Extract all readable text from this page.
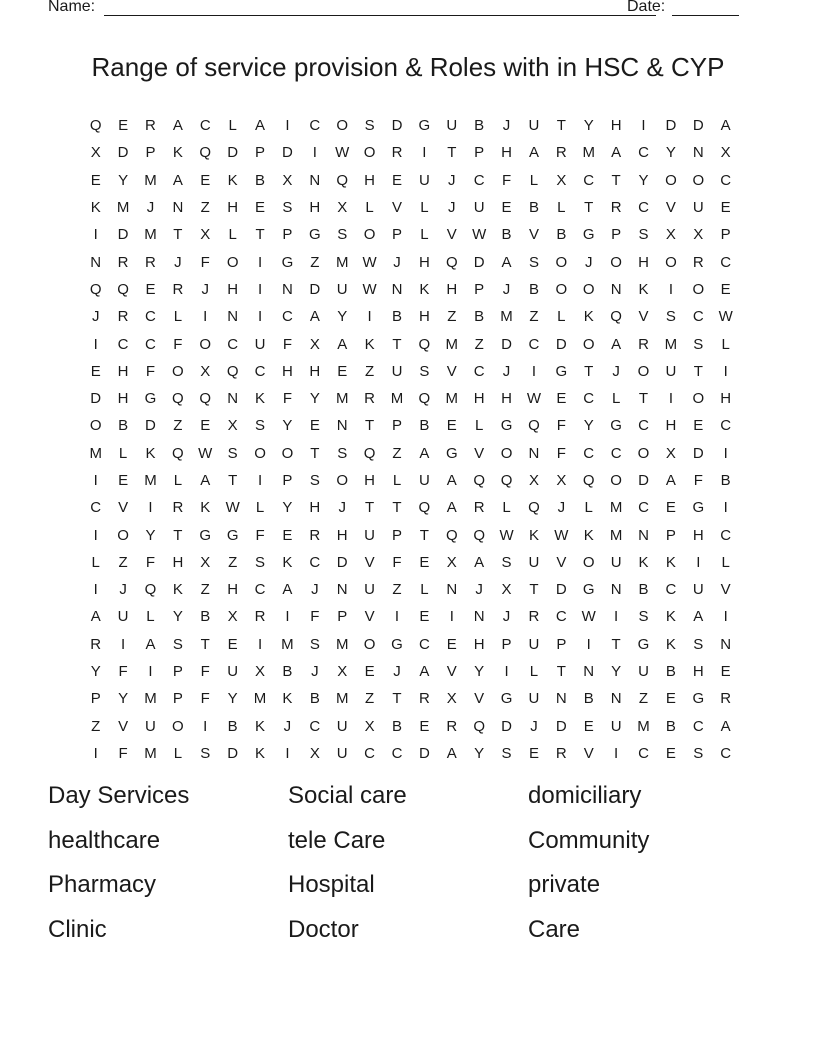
Name:	Date:
Range of service provision & Roles with in HSC & CYP
Q	E	R	A	C	L	A	I	C	O	S	D	G	U	B	J	U	T	Y	H	I	D	D	A
X	D	P	K	Q	D	P	D	I	W O	R	I	T	P	H	A	R	M	A	C	Y	N	X
E	Y	M	A	E	K	B	X	N	Q	H	E	U	J	C	F	L	X	C	T	Y	O	O	C
K	M	J	N	Z	H	E	S	H	X	L	V	L	J	U	E	B	L	T	R	C	V	U	E
I	D	M	T	X	L	T	P	G	S	O	P	L	V	W	B	V	B	G	P	S	X	X	P
N	R	R	J	F	O	I	G	Z	M W	J	H	Q	D	A	S	O	J	O	H	O	R	C
Q	Q	E	R	J	H	I	N	D	U W N	K	H	P	J	B	O	O	N	K	I	O	E
J	R	C	L	I	N	I	C	A	Y	I	B	H	Z	B	M	Z	L	K	Q	V	S	C W
I	C	C	F	O	C	U	F	X	A	K	T	Q	M	Z	D	C	D	O	A	R	M	S	L
E	H	F	O	X	Q	C	H	H	E	Z	U	S	V	C	J	I	G	T	J	O	U	T	I
D	H	G	Q	Q	N	K	F	Y	M	R	M	Q	M	H	H W	E	C	L	T	I	O	H
O	B	D	Z	E	X	S	Y	E	N	T	P	B	E	L	G	Q	F	Y	G	C	H	E	C
M	L	K	Q W	S	O	O	T	S	Q	Z	A	G	V	O	N	F	C	C	O	X	D	I
I	E	M	L	A	T	I	P	S	O	H	L	U	A	Q	Q	X	X	Q	O	D	A	F	B
C	V	I	R	K	W	L	Y	H	J	T	T	Q	A	R	L	Q	J	L	M	C	E	G	I
I	O	Y	T	G	G	F	E	R	H	U	P	T	Q	Q W	K	W	K	M	N	P	H	C
L	Z	F	H	X	Z	S	K	C	D	V	F	E	X	A	S	U	V	O	U	K	K	I	L
I	J	Q	K	Z	H	C	A	J	N	U	Z	L	N	J	X	T	D	G	N	B	C	U	V
A	U	L	Y	B	X	R	I	F	P	V	I	E	I	N	J	R	C W	I	S	K	A	I
R	I	A	S	T	E	I	M	S	M	O	G	C	E	H	P	U	P	I	T	G	K	S	N
Y	F	I	P	F	U	X	B	J	X	E	J	A	V	Y	I	L	T	N	Y	U	B	H	E
P	Y	M	P	F	Y	M	K	B	M	Z	T	R	X	V	G	U	N	B	N	Z	E	G	R
Z	V	U	O	I	B	K	J	C	U	X	B	E	R	Q	D	J	D	E	U	M	B	C	A
I	F	M	L	S	D	K	I	X	U	C	C	D	A	Y	S	E	R	V	I	C	E	S	C
Day Services	Social care	domiciliary
healthcare	tele Care	Community
Pharmacy	Hospital	private
Clinic	Doctor	Care
